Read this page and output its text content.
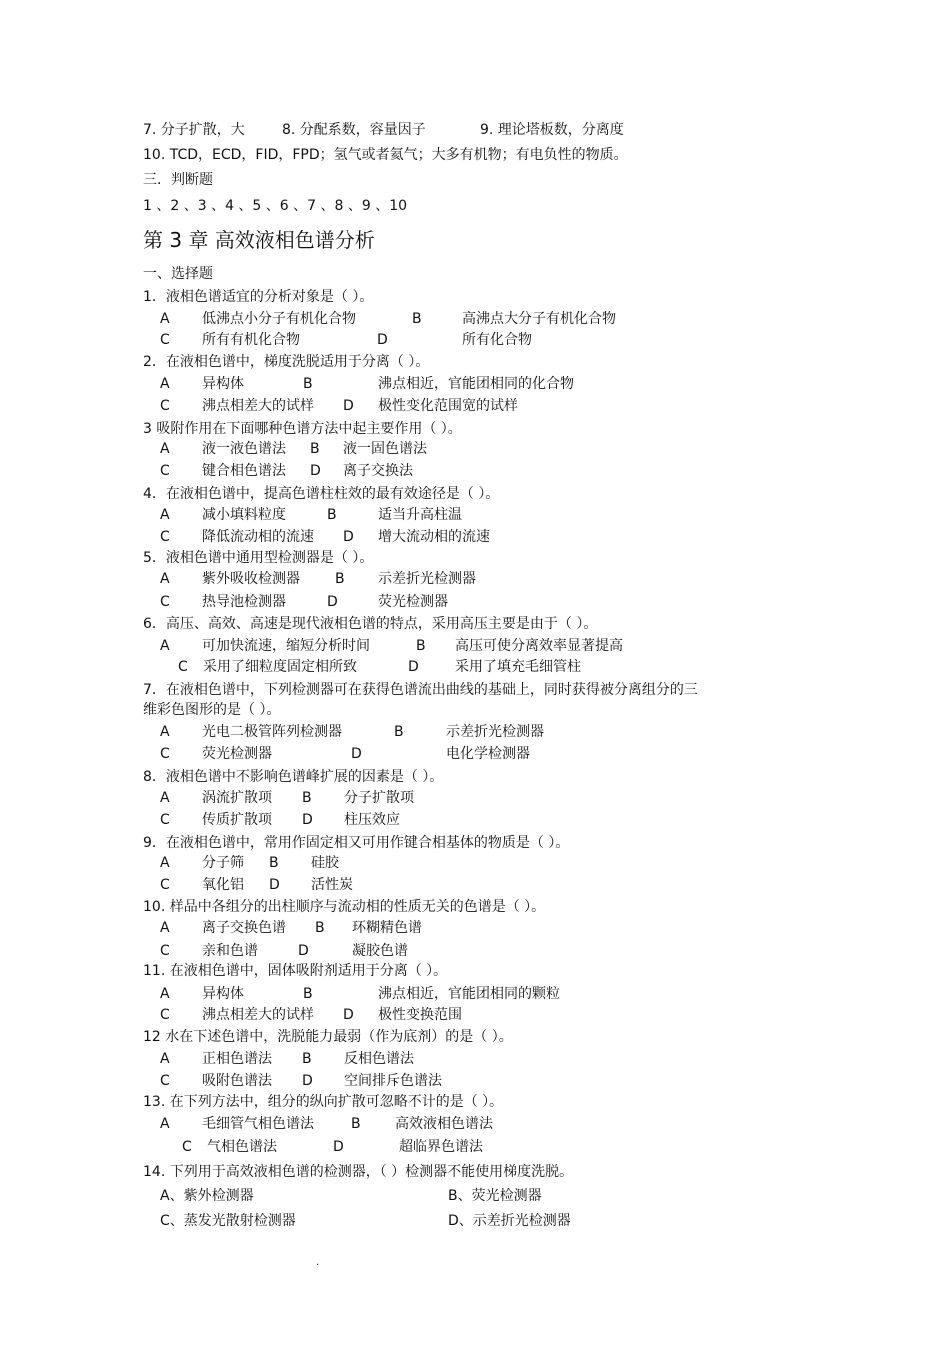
7. 分子扩散，大	8. 分配系数，容量因子	9. 理论塔板数，分离度
10. TCD，ECD，FID，FPD；氢气或者氦气；大多有机物；有电负性的物质。
三．判断题
1 、2 、3 、4 、5 、6 、7 、8 、9 、10
第 3 章 高效液相色谱分析
一、选择题
1．液相色谱适宜的分析对象是（ ）。
A 低沸点小分子有机化合物	B	高沸点大分子有机化合物
C 所有有机化合物	D	所有化合物
2．在液相色谱中，梯度洗脱适用于分离（ ）。
A 异构体	B	沸点相近，官能团相同的化合物
C 沸点相差大的试样 D 极性变化范围宽的试样
3 吸附作用在下面哪种色谱方法中起主要作用（ ）。
A 液一液色谱法 B 液一固色谱法
C 键合相色谱法 D 离子交换法
4．在液相色谱中，提高色谱柱柱效的最有效途径是（ ）。
A 减小填料粒度	B	适当升高柱温
C 降低流动相的流速 D 增大流动相的流速
5．液相色谱中通用型检测器是（ ）。
A 紫外吸收检测器	B 示差折光检测器
C 热导池检测器	D	荧光检测器
6．高压、高效、高速是现代液相色谱的特点，采用高压主要是由于（ ）。
A 可加快流速，缩短分析时间	B 高压可使分离效率显著提高
C 采用了细粒度固定相所致	D	采用了填充毛细管柱
7．在液相色谱中，下列检测器可在获得色谱流出曲线的基础上，同时获得被分离组分的三
维彩色图形的是（ ）。
A 光电二极管阵列检测器	B	示差折光检测器
C 荧光检测器	D	电化学检测器
8．液相色谱中不影响色谱峰扩展的因素是（ ）。
A 涡流扩散项 B 分子扩散项
C 传质扩散项 D 柱压效应
9．在液相色谱中，常用作固定相又可用作键合相基体的物质是（ ）。
A 分子筛 B 硅胶
C 氧化铝 D 活性炭
10. 样品中各组分的出柱顺序与流动相的性质无关的色谱是（ ）。
A 离子交换色谱 B 环糊精色谱
C 亲和色谱	D	凝胶色谱
11. 在液相色谱中，固体吸附剂适用于分离（ ）。
A 异构体	B	沸点相近，官能团相同的颗粒
C 沸点相差大的试样 D 极性变换范围
12 水在下述色谱中，洗脱能力最弱（作为底剂）的是（ ）。
A 正相色谱法 B 反相色谱法
C 吸附色谱法 D 空间排斥色谱法
13. 在下列方法中，组分的纵向扩散可忽略不计的是（ ）。
A 毛细管气相色谱法	B 高效液相色谱法
C 气相色谱法	D	超临界色谱法
14. 下列用于高效液相色谱的检测器，（ ）检测器不能使用梯度洗脱。
A、紫外检测器	B、荧光检测器
C、蒸发光散射检测器	D、示差折光检测器
.
